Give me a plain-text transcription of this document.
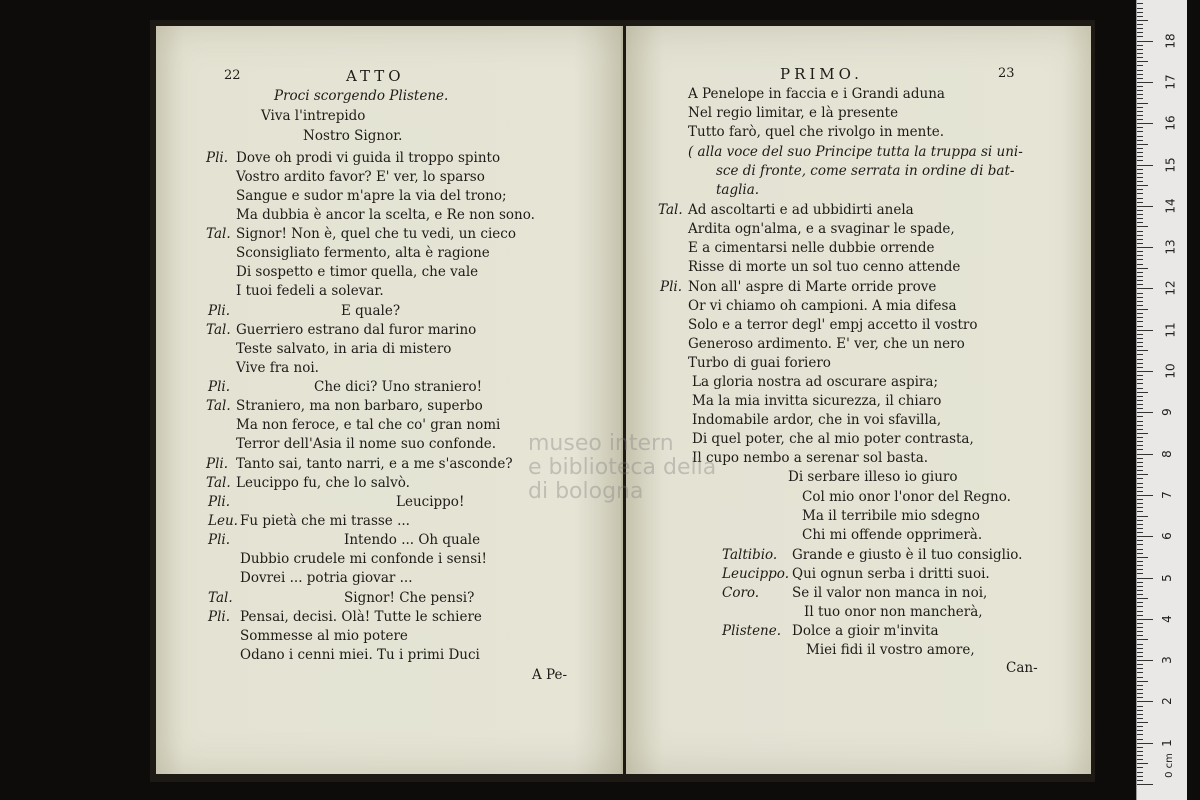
22	ATTO
Proci scorgendo Plistene.
Viva l'intrepido
Nostro Signor.
Pli. Dove oh prodi vi guida il troppo spinto
Vostro ardito favor? E' ver, lo sparso
Sangue e sudor m'apre la via del trono;
Ma dubbia è ancor la scelta, e Re non sono.
Tal. Signor! Non è, quel che tu vedi, un cieco
Sconsigliato fermento, alta è ragione
Di sospetto e timor quella, che vale
I tuoi fedeli a solevar.
Pli.	E quale?
Tal. Guerriero estrano dal furor marino
Teste salvato, in aria di mistero
Vive fra noi.
Pli.	Che dici? Uno straniero!
Tal. Straniero, ma non barbaro, superbo
Ma non feroce, e tal che co' gran nomi
Terror dell'Asia il nome suo confonde.
Pli. Tanto sai, tanto narri, e a me s'asconde?
Tal. Leucippo fu, che lo salvò.
Pli.	Leucippo!
Leu. Fu pietà che mi trasse ...
Pli.	Intendo ... Oh quale
Dubbio crudele mi confonde i sensi!
Dovrei ... potria giovar ...
Tal.	Signor! Che pensi?
Pli. Pensai, decisi. Olà! Tutte le schiere
Sommesse al mio potere
Odano i cenni miei. Tu i primi Duci
A Pe-
PRIMO.	23
A Penelope in faccia e i Grandi aduna
Nel regio limitar, e là presente
Tutto farò, quel che rivolgo in mente.
( alla voce del suo Principe tutta la truppa si uni-
sce di fronte, come serrata in ordine di bat-
taglia.
Tal. Ad ascoltarti e ad ubbidirti anela
Ardita ogn'alma, e a svaginar le spade,
E a cimentarsi nelle dubbie orrende
Risse di morte un sol tuo cenno attende
Pli. Non all' aspre di Marte orride prove
Or vi chiamo oh campioni. A mia difesa
Solo e a terror degl' empj accetto il vostro
Generoso ardimento. E' ver, che un nero
Turbo di guai foriero
La gloria nostra ad oscurare aspira;
Ma la mia invitta sicurezza, il chiaro
Indomabile ardor, che in voi sfavilla,
Di quel poter, che al mio poter contrasta,
Il cupo nembo a serenar sol basta.
Di serbare illeso io giuro
Col mio onor l'onor del Regno.
Ma il terribile mio sdegno
Chi mi offende opprimerà.
Taltibio. Grande e giusto è il tuo consiglio.
Leucippo. Qui ognun serba i dritti suoi.
Coro. Se il valor non manca in noi,
Il tuo onor non mancherà,
Plistene. Dolce a gioir m'invita
Miei fidi il vostro amore,
Can-
museo intern
e biblioteca della
di bologna
0 cm
1
2
3
4
5
6
7
8
9
10
11
12
13
14
15
16
17
18
